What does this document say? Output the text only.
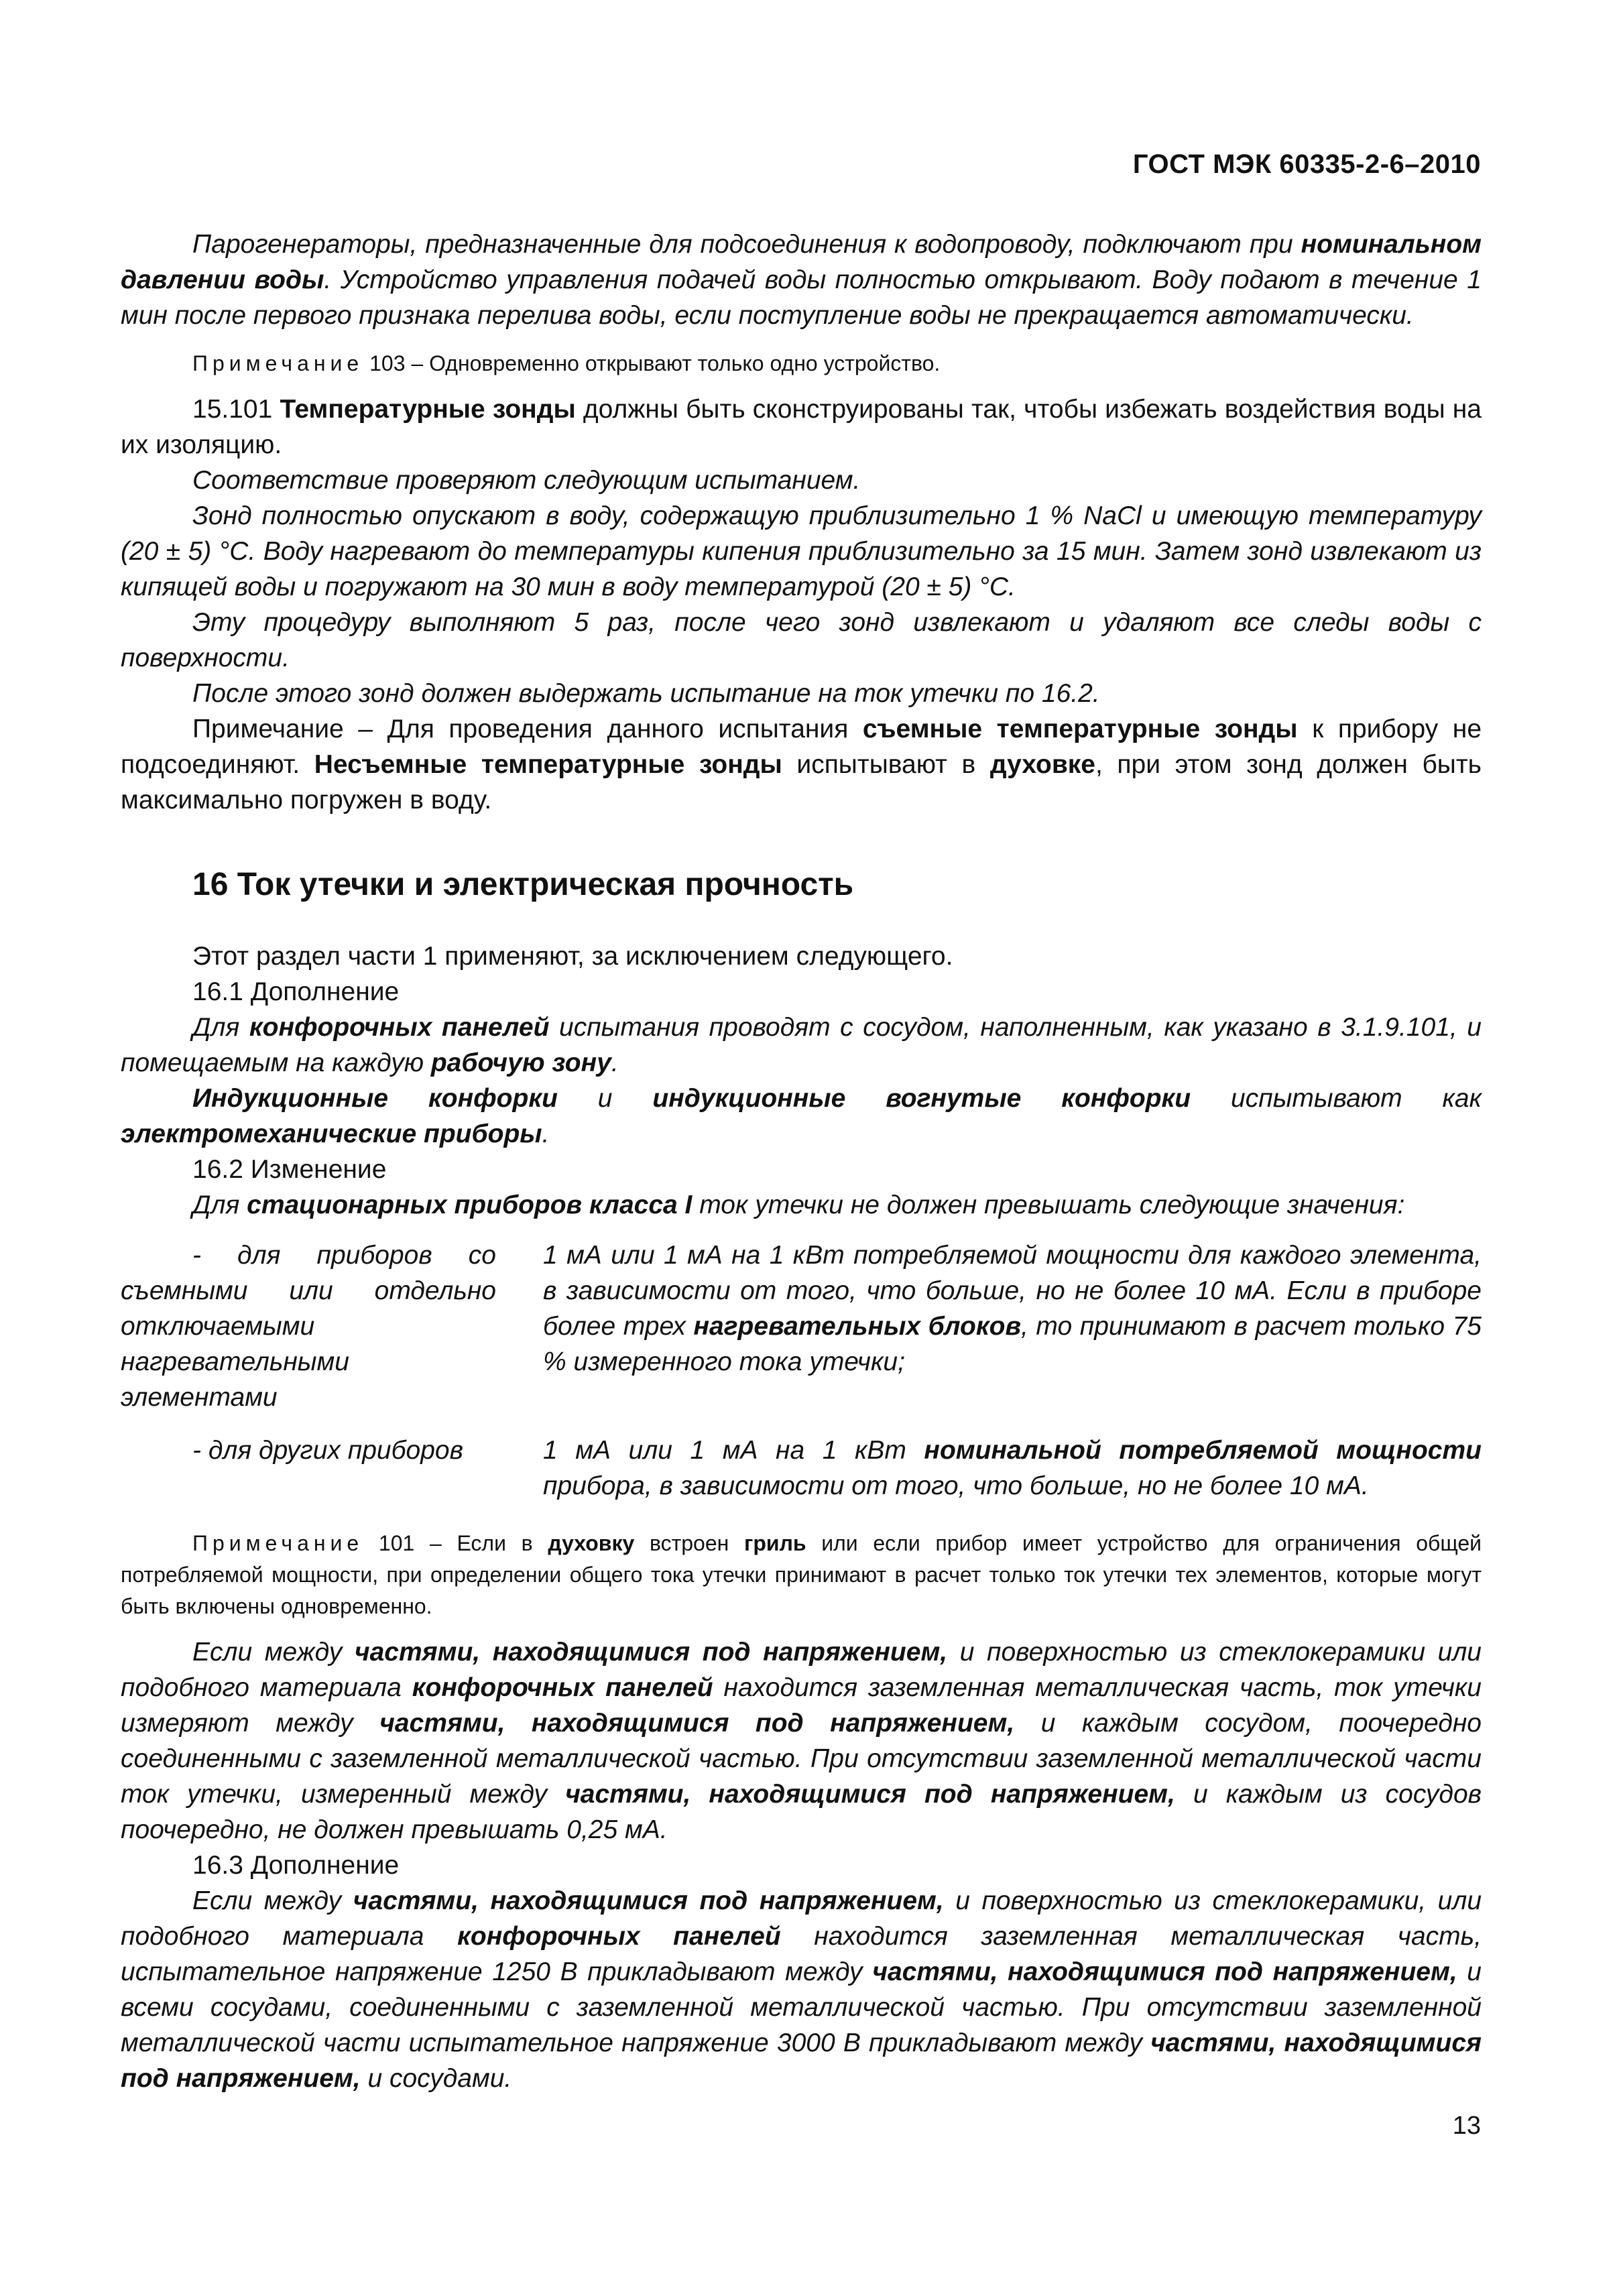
ГОСТ МЭК 60335-2-6–2010

Парогенераторы, предназначенные для подсоединения к водопроводу, подключают при номинальном давлении воды. Устройство управления подачей воды полностью открывают. Воду подают в течение 1 мин после первого признака перелива воды, если поступление воды не прекращается автоматически.

Примечание 103 – Одновременно открывают только одно устройство.

15.101 Температурные зонды должны быть сконструированы так, чтобы избежать воздействия воды на их изоляцию.

Соответствие проверяют следующим испытанием.

Зонд полностью опускают в воду, содержащую приблизительно 1 % NaCl и имеющую температуру (20 ± 5) °С. Воду нагревают до температуры кипения приблизительно за 15 мин. Затем зонд извлекают из кипящей воды и погружают на 30 мин в воду температурой (20 ± 5) °С.

Эту процедуру выполняют 5 раз, после чего зонд извлекают и удаляют все следы воды с поверхности.

После этого зонд должен выдержать испытание на ток утечки по 16.2.

Примечание – Для проведения данного испытания съемные температурные зонды к прибору не подсоединяют. Несъемные температурные зонды испытывают в духовке, при этом зонд должен быть максимально погружен в воду.

16 Ток утечки и электрическая прочность

Этот раздел части 1 применяют, за исключением следующего.

16.1 Дополнение

Для конфорочных панелей испытания проводят с сосудом, наполненным, как указано в 3.1.9.101, и помещаемым на каждую рабочую зону.

Индукционные конфорки и индукционные вогнутые конфорки испытывают как электромеханические приборы.

16.2 Изменение

Для стационарных приборов класса I ток утечки не должен превышать следующие значения:

- для приборов со съемными или отдельно отключаемыми нагревательными элементами	1 мА или 1 мА на 1 кВт потребляемой мощности для каждого элемента, в зависимости от того, что больше, но не более 10 мА. Если в приборе более трех нагревательных блоков, то принимают в расчет только 75 % измеренного тока утечки;
- для других приборов	1 мА или 1 мА на 1 кВт номинальной потребляемой мощности прибора, в зависимости от того, что больше, но не более 10 мА.

Примечание 101 – Если в духовку встроен гриль или если прибор имеет устройство для ограничения общей потребляемой мощности, при определении общего тока утечки принимают в расчет только ток утечки тех элементов, которые могут быть включены одновременно.

Если между частями, находящимися под напряжением, и поверхностью из стеклокерамики или подобного материала конфорочных панелей находится заземленная металлическая часть, ток утечки измеряют между частями, находящимися под напряжением, и каждым сосудом, поочередно соединенными с заземленной металлической частью. При отсутствии заземленной металлической части ток утечки, измеренный между частями, находящимися под напряжением, и каждым из сосудов поочередно, не должен превышать 0,25 мА.

16.3 Дополнение

Если между частями, находящимися под напряжением, и поверхностью из стеклокерамики, или подобного материала конфорочных панелей находится заземленная металлическая часть, испытательное напряжение 1250 В прикладывают между частями, находящимися под напряжением, и всеми сосудами, соединенными с заземленной металлической частью. При отсутствии заземленной металлической части испытательное напряжение 3000 В прикладывают между частями, находящимися под напряжением, и сосудами.

13
